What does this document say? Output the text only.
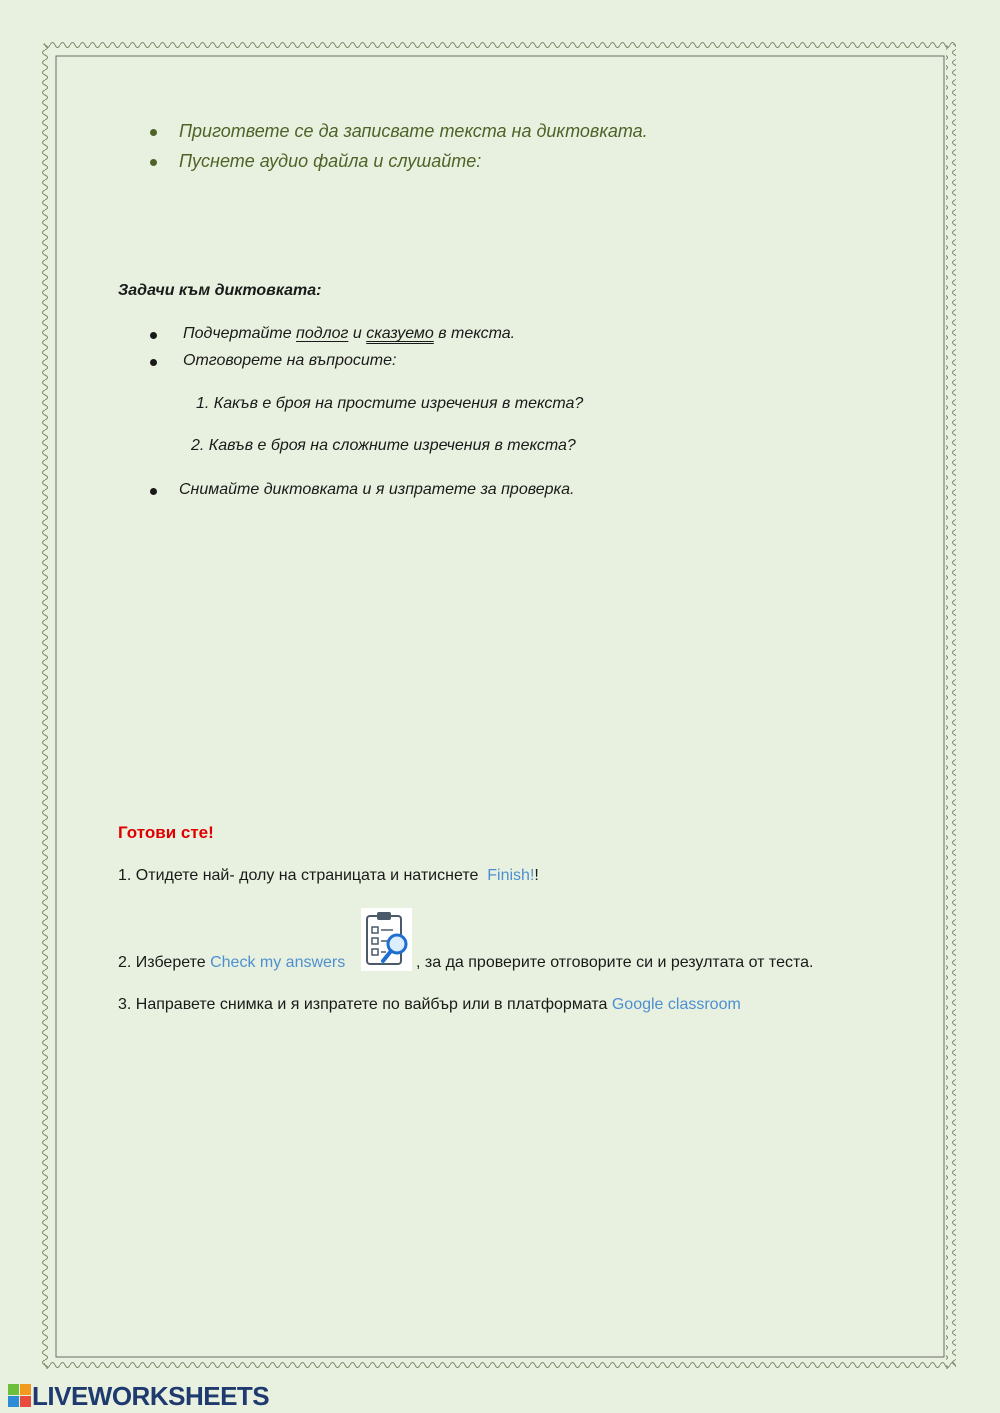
Пригответе се да записвате текста на диктовката.
Пуснете аудио файла и слушайте:
Задачи към диктовката:
Подчертайте подлог и сказуемо в текста.
Отговорете на въпросите:
1. Какъв е броя на простите изречения в текста?
2. Кавъв е броя на сложните изречения в текста?
Снимайте диктовката и я изпратете за проверка.
Готови сте!
1. Отидете най- долу на страницата и натиснете  Finish!!
2. Изберете Check my answers	, за да проверите отговорите си и резултата от теста.
3. Направете снимка и я изпратете по вайбър или в платформата Google classroom
LIVEWORKSHEETS
